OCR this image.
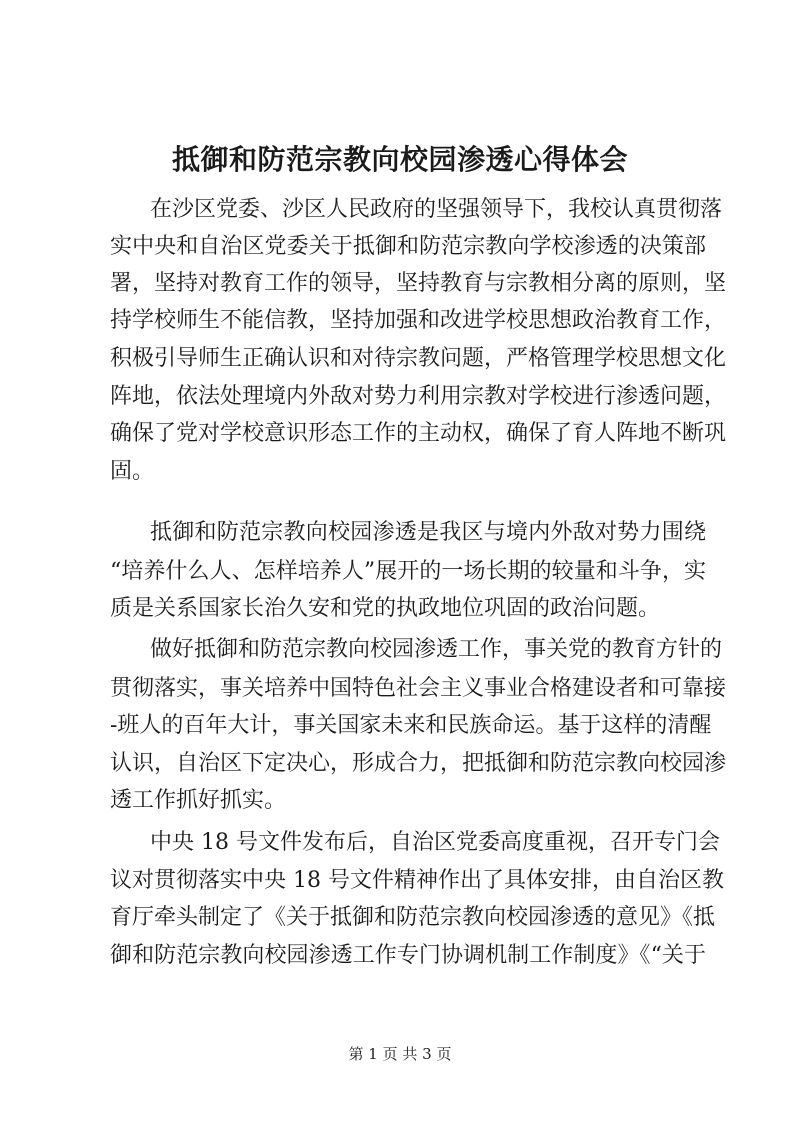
抵御和防范宗教向校园渗透心得体会

在沙区党委、沙区人民政府的坚强领导下，我校认真贯彻落

实中央和自治区党委关于抵御和防范宗教向学校渗透的决策部

署，坚持对教育工作的领导，坚持教育与宗教相分离的原则，坚

持学校师生不能信教，坚持加强和改进学校思想政治教育工作，

积极引导师生正确认识和对待宗教问题，严格管理学校思想文化

阵地，依法处理境内外敌对势力利用宗教对学校进行渗透问题，

确保了党对学校意识形态工作的主动权，确保了育人阵地不断巩

固。

抵御和防范宗教向校园渗透是我区与境内外敌对势力围绕

“培养什么人、怎样培养人”展开的一场长期的较量和斗争，实

质是关系国家长治久安和党的执政地位巩固的政治问题。

做好抵御和防范宗教向校园渗透工作，事关党的教育方针的

贯彻落实，事关培养中国特色社会主义事业合格建设者和可靠接

-班人的百年大计，事关国家未来和民族命运。基于这样的清醒

认识，自治区下定决心，形成合力，把抵御和防范宗教向校园渗

透工作抓好抓实。

中央 18 号文件发布后，自治区党委高度重视，召开专门会

议对贯彻落实中央 18 号文件精神作出了具体安排，由自治区教

育厅牵头制定了《关于抵御和防范宗教向校园渗透的意见》《抵

御和防范宗教向校园渗透工作专门协调机制工作制度》《“关于

第 1 页 共 3 页
